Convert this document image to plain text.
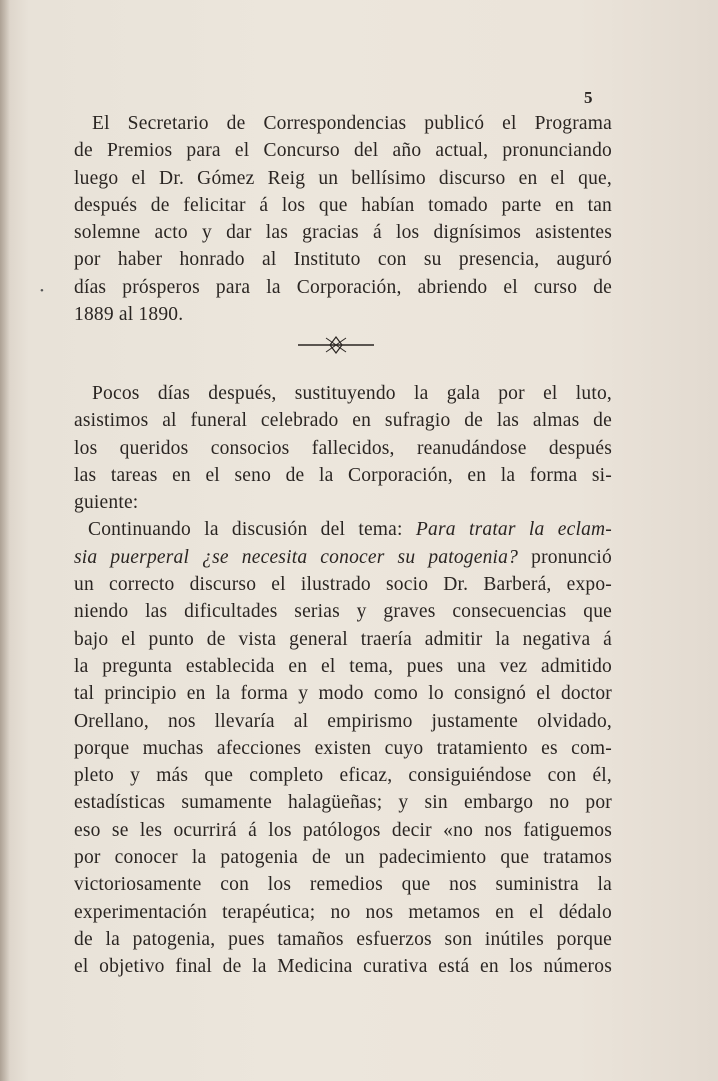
5
•
El Secretario de Correspondencias publicó el Programa
de Premios para el Concurso del año actual, pronunciando
luego el Dr. Gómez Reig un bellísimo discurso en el que,
después de felicitar á los que habían tomado parte en tan
solemne acto y dar las gracias á los dignísimos asistentes
por haber honrado al Instituto con su presencia, auguró
días prósperos para la Corporación, abriendo el curso de
1889 al 1890.
Pocos días después, sustituyendo la gala por el luto,
asistimos al funeral celebrado en sufragio de las almas de
los queridos consocios fallecidos, reanudándose después
las tareas en el seno de la Corporación, en la forma si-
guiente:
Continuando la discusión del tema: Para tratar la eclam-
sia puerperal ¿se necesita conocer su patogenia? pronunció
un correcto discurso el ilustrado socio Dr. Barberá, expo-
niendo las dificultades serias y graves consecuencias que
bajo el punto de vista general traería admitir la negativa á
la pregunta establecida en el tema, pues una vez admitido
tal principio en la forma y modo como lo consignó el doctor
Orellano, nos llevaría al empirismo justamente olvidado,
porque muchas afecciones existen cuyo tratamiento es com-
pleto y más que completo eficaz, consiguiéndose con él,
estadísticas sumamente halagüeñas; y sin embargo no por
eso se les ocurrirá á los patólogos decir «no nos fatiguemos
por conocer la patogenia de un padecimiento que tratamos
victoriosamente con los remedios que nos suministra la
experimentación terapéutica; no nos metamos en el dédalo
de la patogenia, pues tamaños esfuerzos son inútiles porque
el objetivo final de la Medicina curativa está en los números
